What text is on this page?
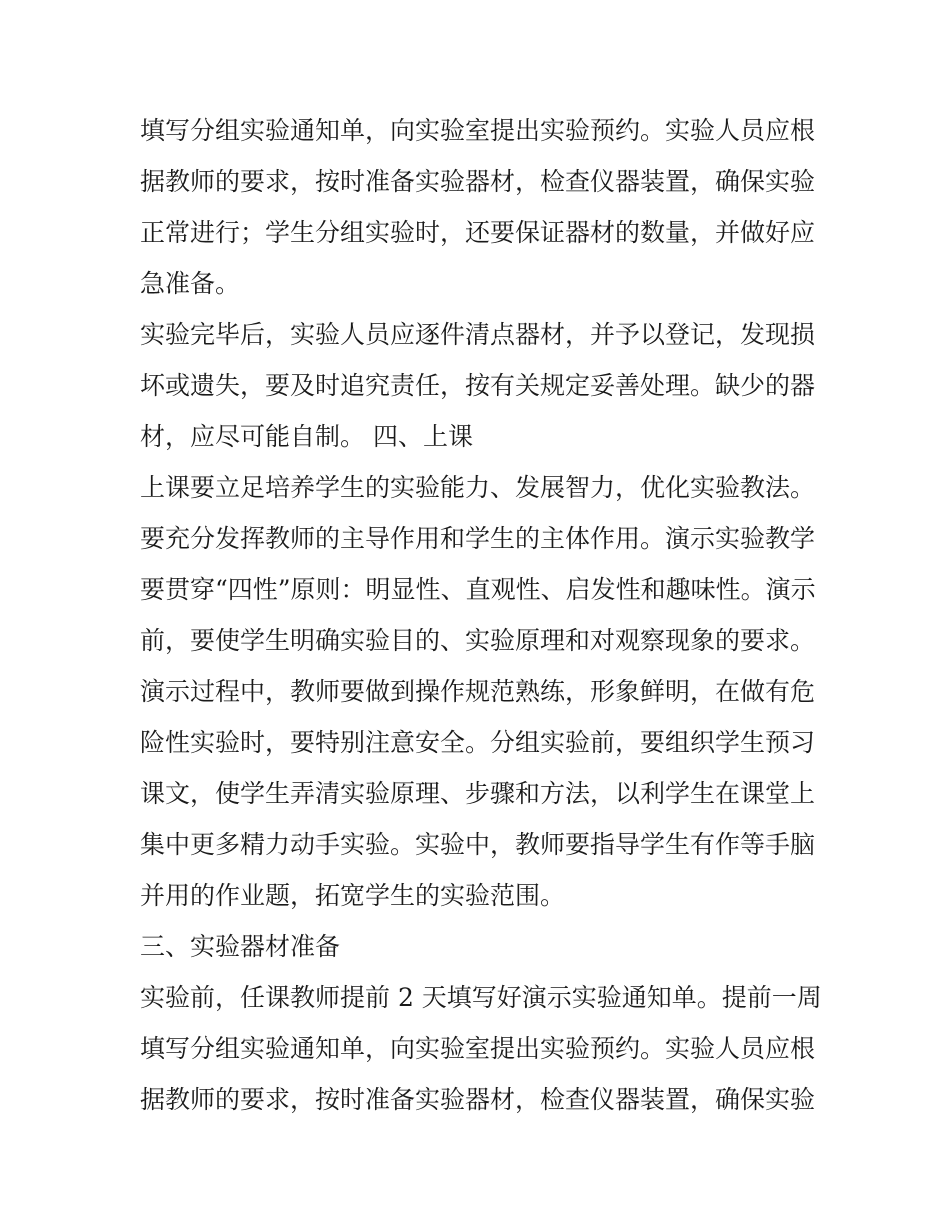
填写分组实验通知单，向实验室提出实验预约。实验人员应根
据教师的要求，按时准备实验器材，检查仪器装置，确保实验
正常进行；学生分组实验时，还要保证器材的数量，并做好应
急准备。
实验完毕后，实验人员应逐件清点器材，并予以登记，发现损
坏或遗失，要及时追究责任，按有关规定妥善处理。缺少的器
材，应尽可能自制。 四、上课
上课要立足培养学生的实验能力、发展智力，优化实验教法。
要充分发挥教师的主导作用和学生的主体作用。演示实验教学
要贯穿“四性”原则：明显性、直观性、启发性和趣味性。演示
前，要使学生明确实验目的、实验原理和对观察现象的要求。
演示过程中，教师要做到操作规范熟练，形象鲜明，在做有危
险性实验时，要特别注意安全。分组实验前，要组织学生预习
课文，使学生弄清实验原理、步骤和方法，以利学生在课堂上
集中更多精力动手实验。实验中，教师要指导学生有作等手脑
并用的作业题，拓宽学生的实验范围。
三、实验器材准备
实验前，任课教师提前 2 天填写好演示实验通知单。提前一周
填写分组实验通知单，向实验室提出实验预约。实验人员应根
据教师的要求，按时准备实验器材，检查仪器装置，确保实验
